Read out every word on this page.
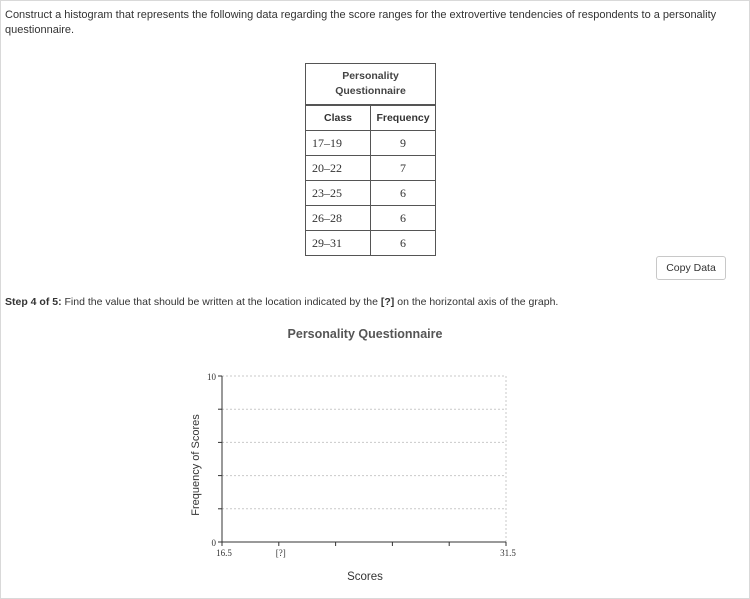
Construct a histogram that represents the following data regarding the score ranges for the extrovertive tendencies of respondents to a personality questionnaire.
Personality
Questionnaire	

Class	Frequency
17–19	9
20–22	7
23–25	6
26–28	6
29–31	6
Copy Data
Step 4 of 5: Find the value that should be written at the location indicated by the [?] on the horizontal axis of the graph.
Personality Questionnaire
0
10
16.5	[?]	31.5
Scores
Frequency of Scores
